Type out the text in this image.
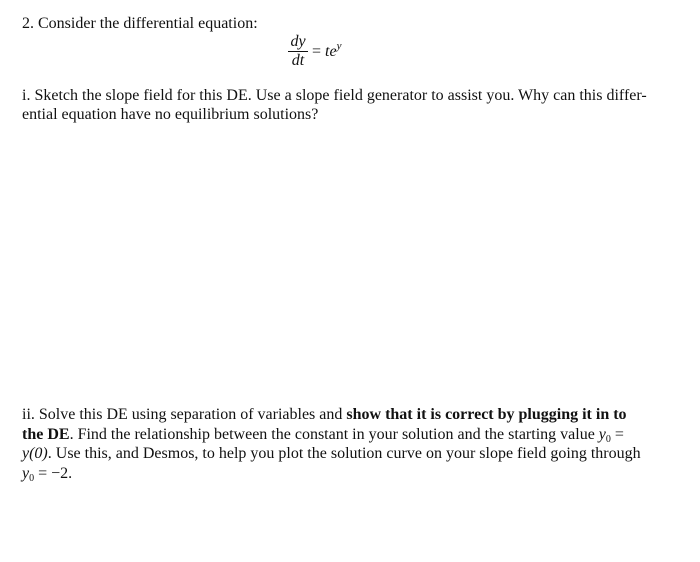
2. Consider the differential equation:
$\frac{dy}{dt} = te^y$
i. Sketch the slope field for this DE. Use a slope field generator to assist you. Why can this differ-
ential equation have no equilibrium solutions?
ii. Solve this DE using separation of variables and show that it is correct by plugging it in to
the DE. Find the relationship between the constant in your solution and the starting value $y_0$ =
y(0). Use this, and Desmos, to help you plot the solution curve on your slope field going through
$y_0 = -2$.
